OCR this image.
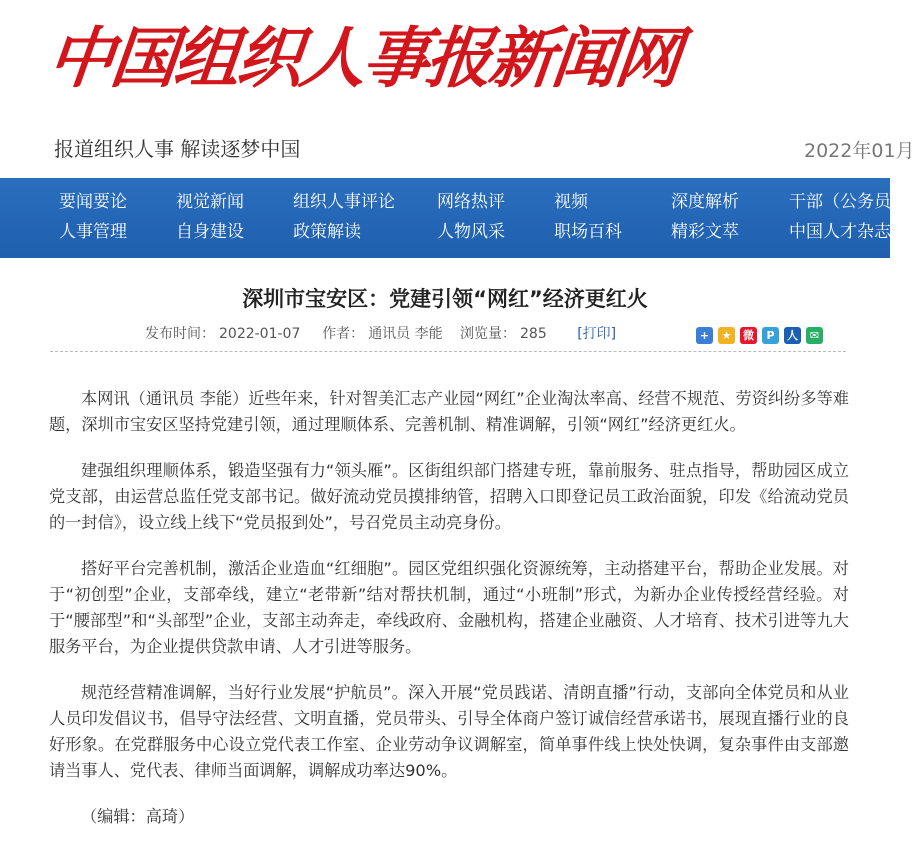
中国组织人事报新闻网
报道组织人事 解读逐梦中国	2022年01月
要闻要论	视觉新闻	组织人事评论 网络热评	视频	深度解析	干部（公务员
人事管理	自身建设	政策解读	人物风采	职场百科	精彩文萃	中国人才杂志
深圳市宝安区：党建引领“网红”经济更红火
发布时间： 2022-01-07 作者： 通讯员 李能 浏览量： 285 [打印]	+	★	微	P	人	✉

本网讯（通讯员 李能）近些年来，针对智美汇志产业园“网红”企业淘汰率高、经营不规范、劳资纠纷多等难题，深圳市宝安区坚持党建引领，通过理顺体系、完善机制、精准调解，引领“网红”经济更红火。

建强组织理顺体系，锻造坚强有力“领头雁”。区街组织部门搭建专班，靠前服务、驻点指导，帮助园区成立党支部，由运营总监任党支部书记。做好流动党员摸排纳管，招聘入口即登记员工政治面貌，印发《给流动党员的一封信》，设立线上线下“党员报到处”，号召党员主动亮身份。

搭好平台完善机制，激活企业造血“红细胞”。园区党组织强化资源统筹，主动搭建平台，帮助企业发展。对于“初创型”企业，支部牵线，建立“老带新”结对帮扶机制，通过“小班制”形式，为新办企业传授经营经验。对于“腰部型”和“头部型”企业，支部主动奔走，牵线政府、金融机构，搭建企业融资、人才培育、技术引进等九大服务平台，为企业提供贷款申请、人才引进等服务。

规范经营精准调解，当好行业发展“护航员”。深入开展“党员践诺、清朗直播”行动，支部向全体党员和从业人员印发倡议书，倡导守法经营、文明直播，党员带头、引导全体商户签订诚信经营承诺书，展现直播行业的良好形象。在党群服务中心设立党代表工作室、企业劳动争议调解室，简单事件线上快处快调，复杂事件由支部邀请当事人、党代表、律师当面调解，调解成功率达90%。

（编辑：高琦）
